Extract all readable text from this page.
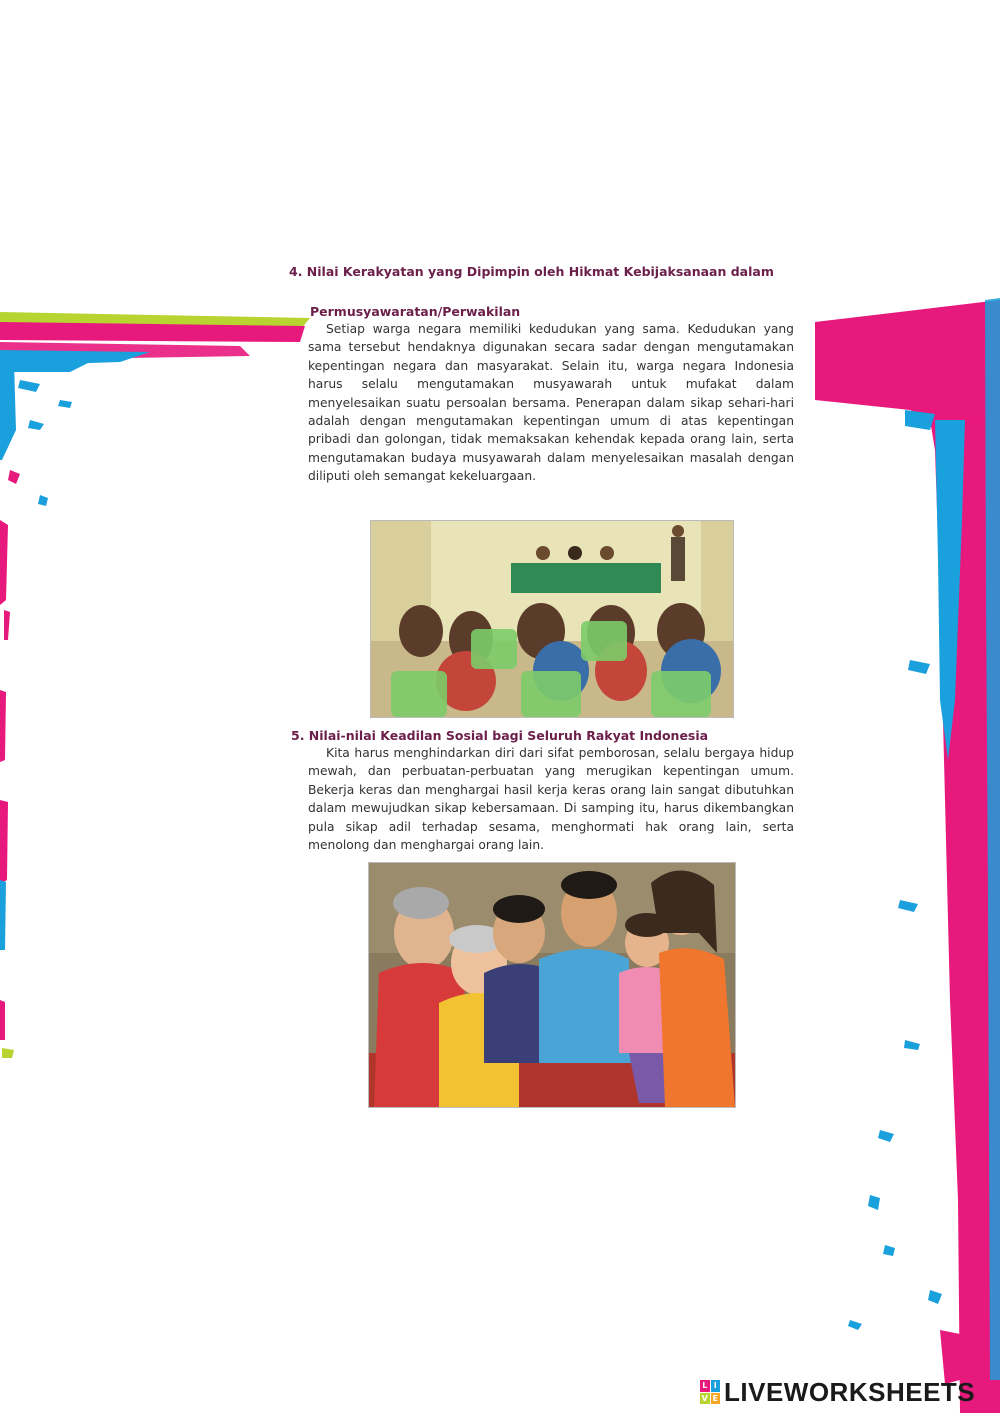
4. Nilai Kerakyatan yang Dipimpin oleh Hikmat Kebijaksanaan dalam
Permusyawaratan/Perwakilan

Setiap warga negara memiliki kedudukan yang sama. Kedudukan yang sama tersebut hendaknya digunakan secara sadar dengan mengutamakan kepentingan negara dan masyarakat. Selain itu, warga negara Indonesia harus selalu mengutamakan musyawarah untuk mufakat dalam menyelesaikan suatu persoalan bersama. Penerapan dalam sikap sehari-hari adalah dengan mengutamakan kepentingan umum di atas kepentingan pribadi dan golongan, tidak memaksakan kehendak kepada orang lain, serta mengutamakan budaya musyawarah dalam menyelesaikan masalah dengan diliputi oleh semangat kekeluargaan.

5. Nilai-nilai Keadilan Sosial bagi Seluruh Rakyat Indonesia

Kita harus menghindarkan diri dari sifat pemborosan, selalu bergaya hidup mewah, dan perbuatan-perbuatan yang merugikan kepentingan umum. Bekerja keras dan menghargai hasil kerja keras orang lain sangat dibutuhkan dalam mewujudkan sikap kebersamaan. Di samping itu, harus dikembangkan pula sikap adil terhadap sesama, menghormati hak orang lain, serta menolong dan menghargai orang lain.

L I
V E LIVEWORKSHEETS
